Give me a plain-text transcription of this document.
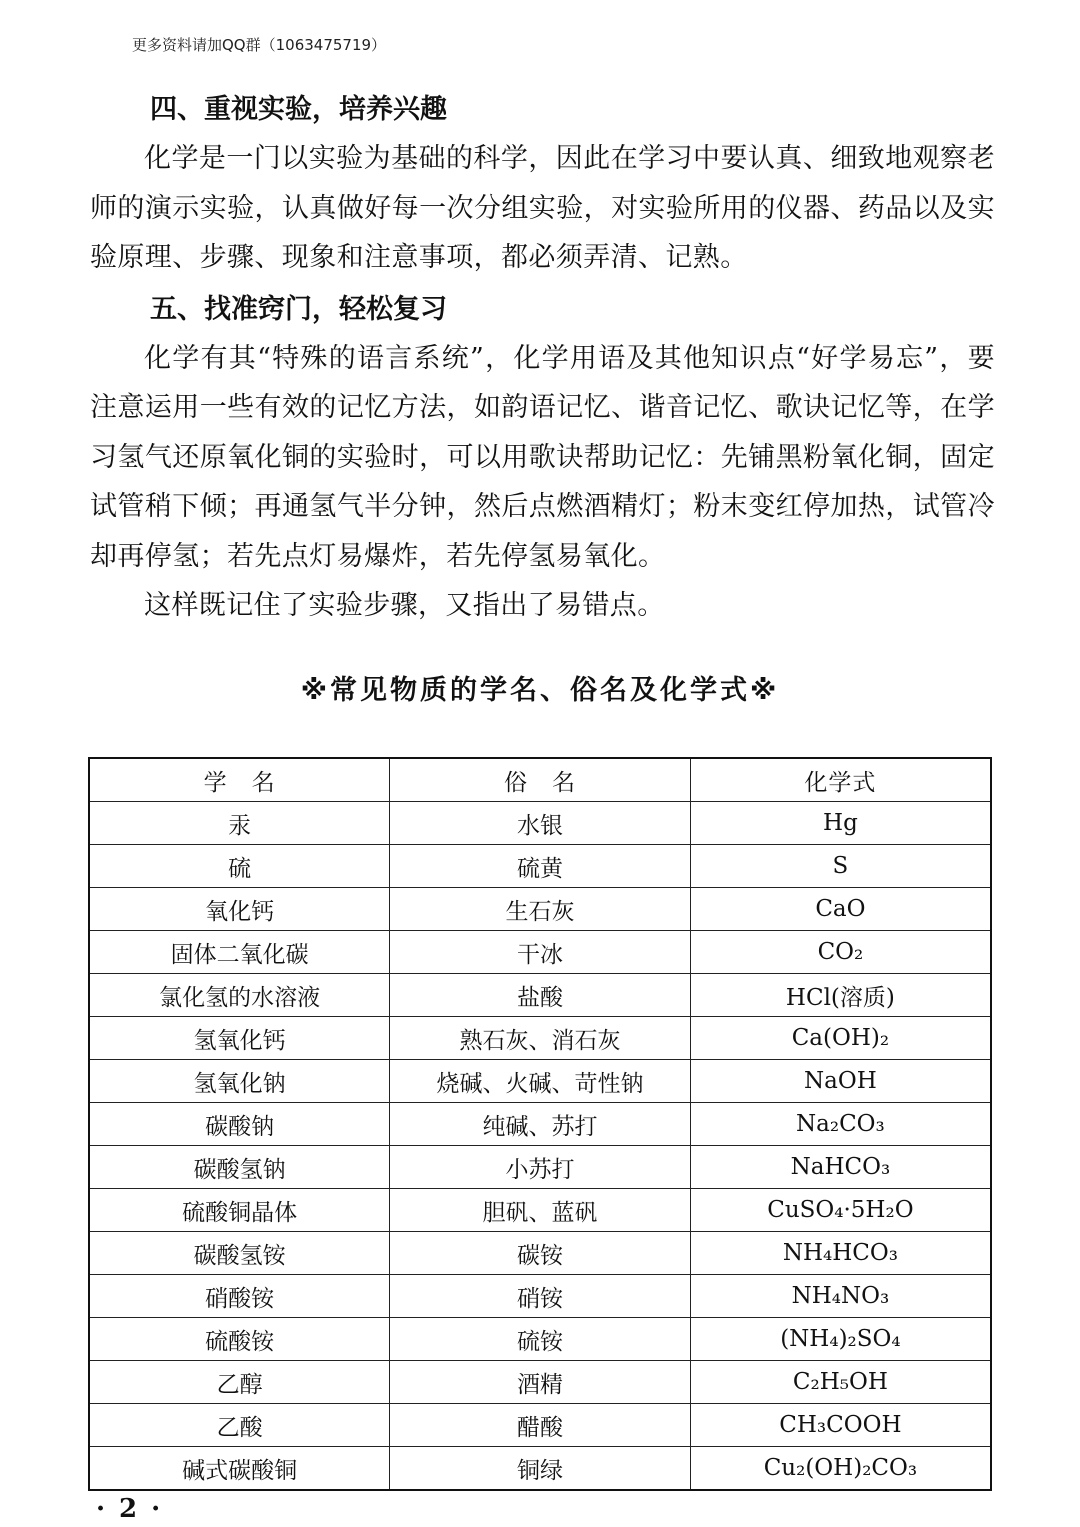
更多资料请加QQ群（1063475719）
四、重视实验，培养兴趣

化学是一门以实验为基础的科学，因此在学习中要认真、细致地观察老师的演示实验，认真做好每一次分组实验，对实验所用的仪器、药品以及实验原理、步骤、现象和注意事项，都必须弄清、记熟。

五、找准窍门，轻松复习

化学有其“特殊的语言系统”，化学用语及其他知识点“好学易忘”，要注意运用一些有效的记忆方法，如韵语记忆、谐音记忆、歌诀记忆等，在学习氢气还原氧化铜的实验时，可以用歌诀帮助记忆：先铺黑粉氧化铜，固定试管稍下倾；再通氢气半分钟，然后点燃酒精灯；粉末变红停加热，试管冷却再停氢；若先点灯易爆炸，若先停氢易氧化。

这样既记住了实验步骤，又指出了易错点。

※常见物质的学名、俗名及化学式※
学　名	俗　名	化学式
汞	水银	Hg
硫	硫黄	S
氧化钙	生石灰	CaO
固体二氧化碳	干冰	CO₂
氯化氢的水溶液	盐酸	HCl(溶质)
氢氧化钙	熟石灰、消石灰	Ca(OH)₂
氢氧化钠	烧碱、火碱、苛性钠	NaOH
碳酸钠	纯碱、苏打	Na₂CO₃
碳酸氢钠	小苏打	NaHCO₃
硫酸铜晶体	胆矾、蓝矾	CuSO₄·5H₂O
碳酸氢铵	碳铵	NH₄HCO₃
硝酸铵	硝铵	NH₄NO₃
硫酸铵	硫铵	(NH₄)₂SO₄
乙醇	酒精	C₂H₅OH
乙酸	醋酸	CH₃COOH
碱式碳酸铜	铜绿	Cu₂(OH)₂CO₃
·2·
